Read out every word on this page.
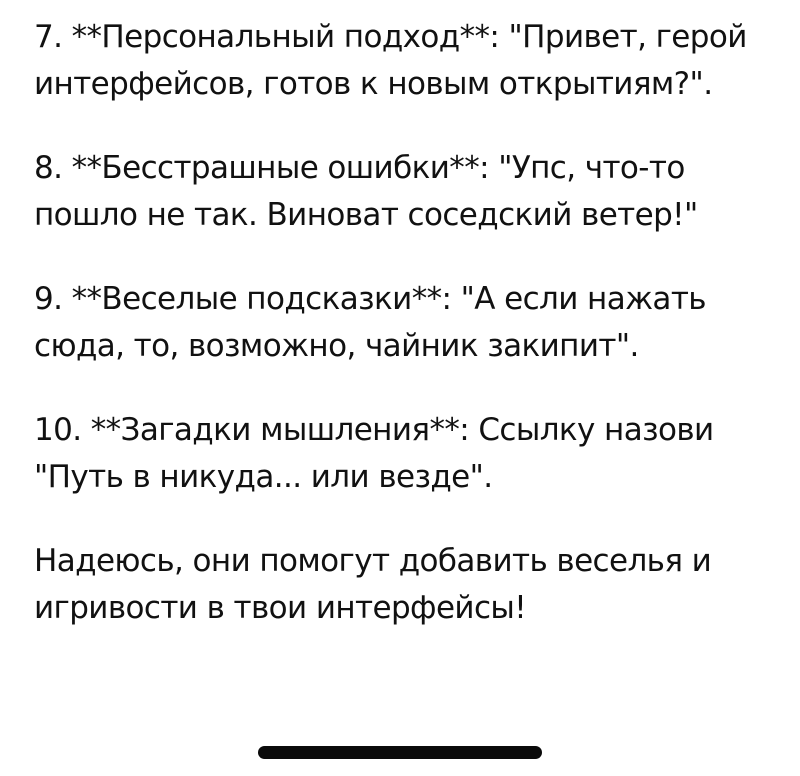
7. **Персональный подход**: "Привет, герой
интерфейсов, готов к новым открытиям?".

8. **Бесстрашные ошибки**: "Упс, что-то
пошло не так. Виноват соседский ветер!"

9. **Веселые подсказки**: "А если нажать
сюда, то, возможно, чайник закипит".

10. **Загадки мышления**: Ссылку назови
"Путь в никуда... или везде".

Надеюсь, они помогут добавить веселья и
игривости в твои интерфейсы!
